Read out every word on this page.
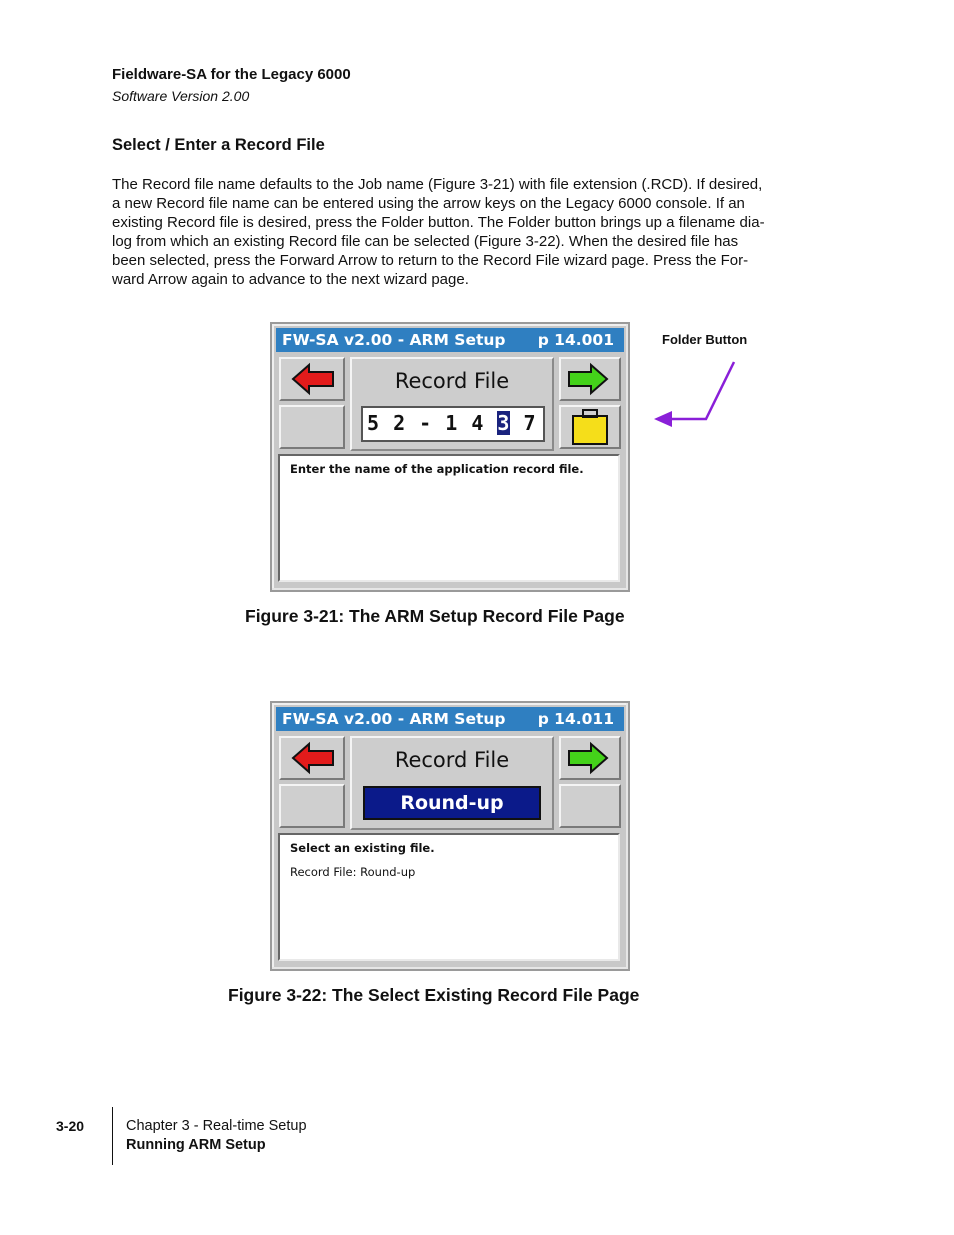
Fieldware-SA for the Legacy 6000
Software Version 2.00
Select / Enter a Record File
The Record file name defaults to the Job name (Figure 3-21) with file extension (.RCD). If desired,
a new Record file name can be entered using the arrow keys on the Legacy 6000 console. If an
existing Record file is desired, press the Folder button. The Folder button brings up a filename dia-
log from which an existing Record file can be selected (Figure 3-22). When the desired file has
been selected, press the Forward Arrow to return to the Record File wizard page. Press the For-
ward Arrow again to advance to the next wizard page.
FW-SA v2.00 - ARM Setup p 14.001
Record File
5 2 - 1 4 3 7
Enter the name of the application record file.
Folder Button
Figure 3-21: The ARM Setup Record File Page
FW-SA v2.00 - ARM Setup p 14.011
Record File
Round-up
Select an existing file.
Record File: Round-up
Figure 3-22: The Select Existing Record File Page
3-20	Chapter 3 - Real-time Setup
Running ARM Setup
